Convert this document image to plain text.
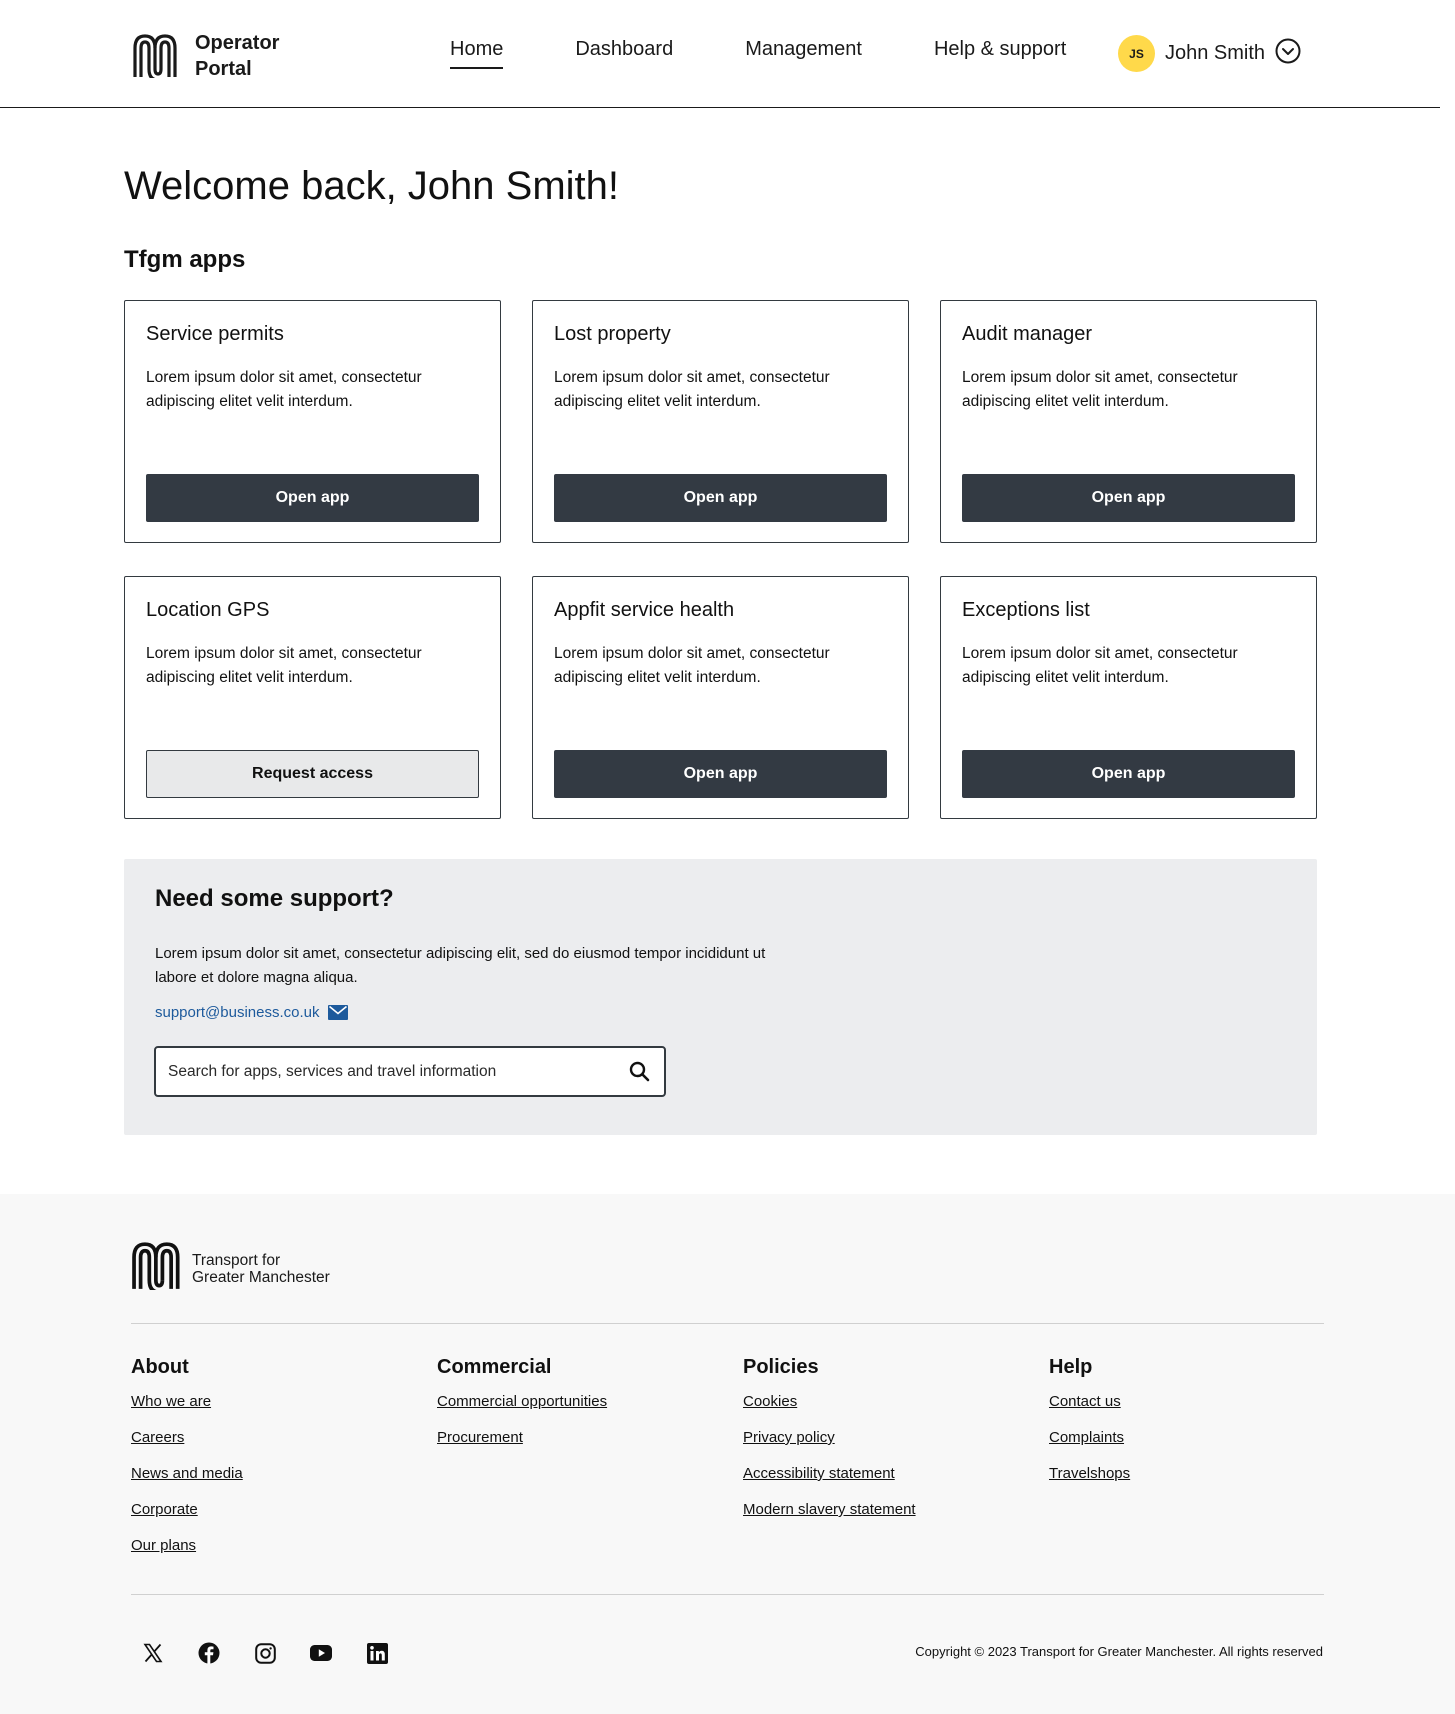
Operator
Portal
Home	Dashboard	Management	Help & support	JS	John Smith
Welcome back, John Smith!
Tfgm apps
Service permits
Lorem ipsum dolor sit amet, consectetur adipiscing elitet velit interdum.
Open app
Lost property
Lorem ipsum dolor sit amet, consectetur adipiscing elitet velit interdum.
Open app
Audit manager
Lorem ipsum dolor sit amet, consectetur adipiscing elitet velit interdum.
Open app
Location GPS
Lorem ipsum dolor sit amet, consectetur adipiscing elitet velit interdum.
Request access
Appfit service health
Lorem ipsum dolor sit amet, consectetur adipiscing elitet velit interdum.
Open app
Exceptions list
Lorem ipsum dolor sit amet, consectetur adipiscing elitet velit interdum.
Open app
Need some support?

Lorem ipsum dolor sit amet, consectetur adipiscing elit, sed do eiusmod tempor incididunt ut labore et dolore magna aliqua.

support@business.co.uk
Search for apps, services and travel information
Transport for
Greater Manchester
About
Who we are
Careers
News and media
Corporate
Our plans
Commercial
Commercial opportunities
Procurement
Policies
Cookies
Privacy policy
Accessibility statement
Modern slavery statement
Help
Contact us
Complaints
Travelshops
Copyright © 2023 Transport for Greater Manchester. All rights reserved
